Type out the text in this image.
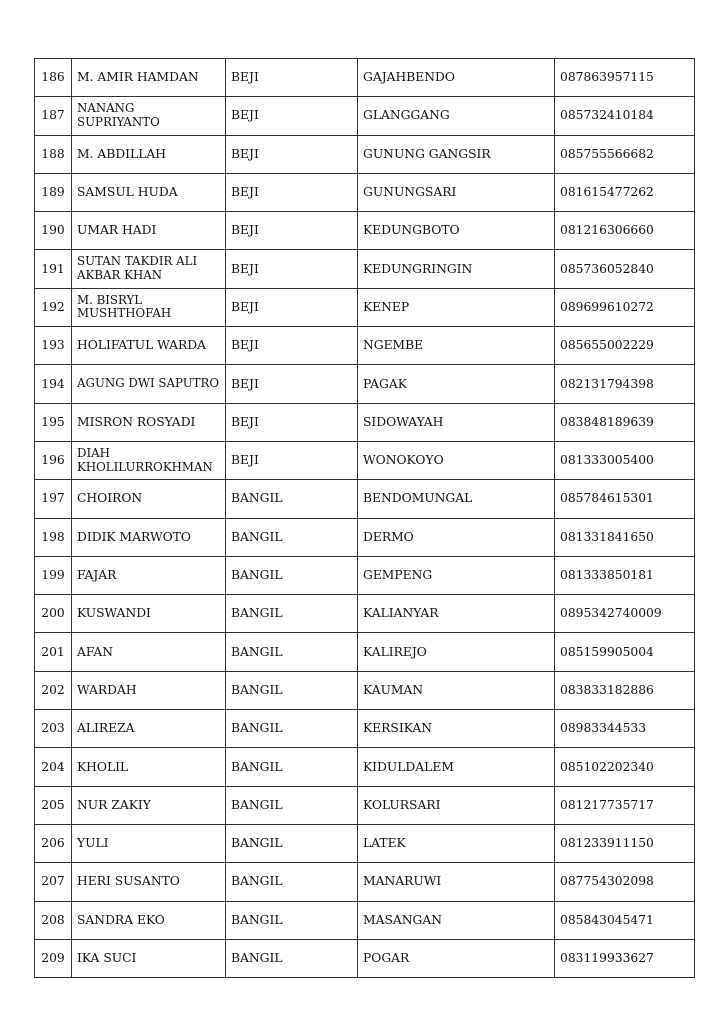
186	M. AMIR HAMDAN	BEJI	GAJAHBENDO	087863957115
187	NANANG SUPRIYANTO	BEJI	GLANGGANG	085732410184
188	M. ABDILLAH	BEJI	GUNUNG GANGSIR	085755566682
189	SAMSUL HUDA	BEJI	GUNUNGSARI	081615477262
190	UMAR HADI	BEJI	KEDUNGBOTO	081216306660
191	SUTAN TAKDIR ALI AKBAR KHAN	BEJI	KEDUNGRINGIN	085736052840
192	M. BISRYL MUSHTHOFAH	BEJI	KENEP	089699610272
193	HOLIFATUL WARDA	BEJI	NGEMBE	085655002229
194	AGUNG DWI SAPUTRO	BEJI	PAGAK	082131794398
195	MISRON ROSYADI	BEJI	SIDOWAYAH	083848189639
196	DIAH KHOLILURROKHMAN	BEJI	WONOKOYO	081333005400
197	CHOIRON	BANGIL	BENDOMUNGAL	085784615301
198	DIDIK MARWOTO	BANGIL	DERMO	081331841650
199	FAJAR	BANGIL	GEMPENG	081333850181
200	KUSWANDI	BANGIL	KALIANYAR	0895342740009
201	AFAN	BANGIL	KALIREJO	085159905004
202	WARDAH	BANGIL	KAUMAN	083833182886
203	ALIREZA	BANGIL	KERSIKAN	08983344533
204	KHOLIL	BANGIL	KIDULDALEM	085102202340
205	NUR ZAKIY	BANGIL	KOLURSARI	081217735717
206	YULI	BANGIL	LATEK	081233911150
207	HERI SUSANTO	BANGIL	MANARUWI	087754302098
208	SANDRA EKO	BANGIL	MASANGAN	085843045471
209	IKA SUCI	BANGIL	POGAR	083119933627
